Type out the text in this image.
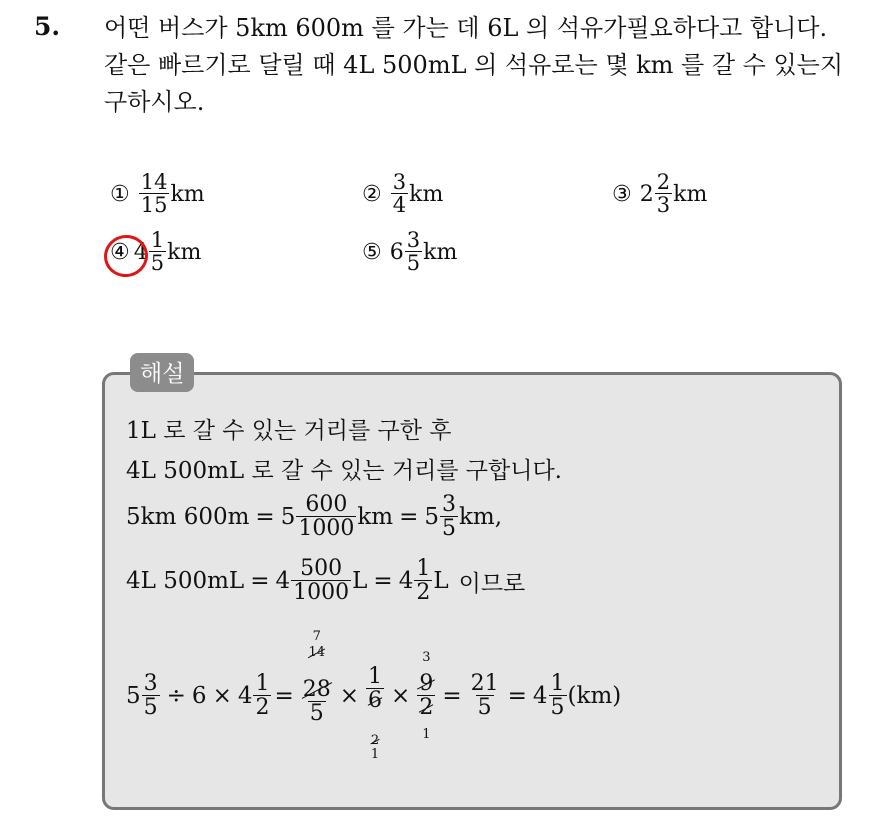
5. 어떤 버스가 5km 600m 를 가는 데 6L 의 석유가필요하다고 합니다.
같은 빠르기로 달릴 때 4L 500mL 의 석유로는 몇 km 를 갈 수 있는지
구하시오.
① $\frac{14}{15}$ km	② $\frac{3}{4}$ km	③ $2 \frac{2}{3}$ km
④ $4 \frac{1}{5}$ km	⑤ $6 \frac{3}{5}$ km
해설
1L 로 갈 수 있는 거리를 구한 후
4L 500mL 로 갈 수 있는 거리를 구합니다.
5km $600m = 5 \frac{600}{1000}$ km = $5 \frac{3}{5}$ km,
4L $500mL = 4 \frac{500}{1000}$ $L = 4 \frac{1}{2}$ L 이므로
$5 \frac{3}{5} \div 6 \times 4 \frac{1}{2}$ =
7
14
$\frac{28}{5} \times \frac{1}{6}$
2
1
×
3
$\frac{9}{2}$
1
= $\frac{21}{5} = 4 \frac{1}{5} (km)$
